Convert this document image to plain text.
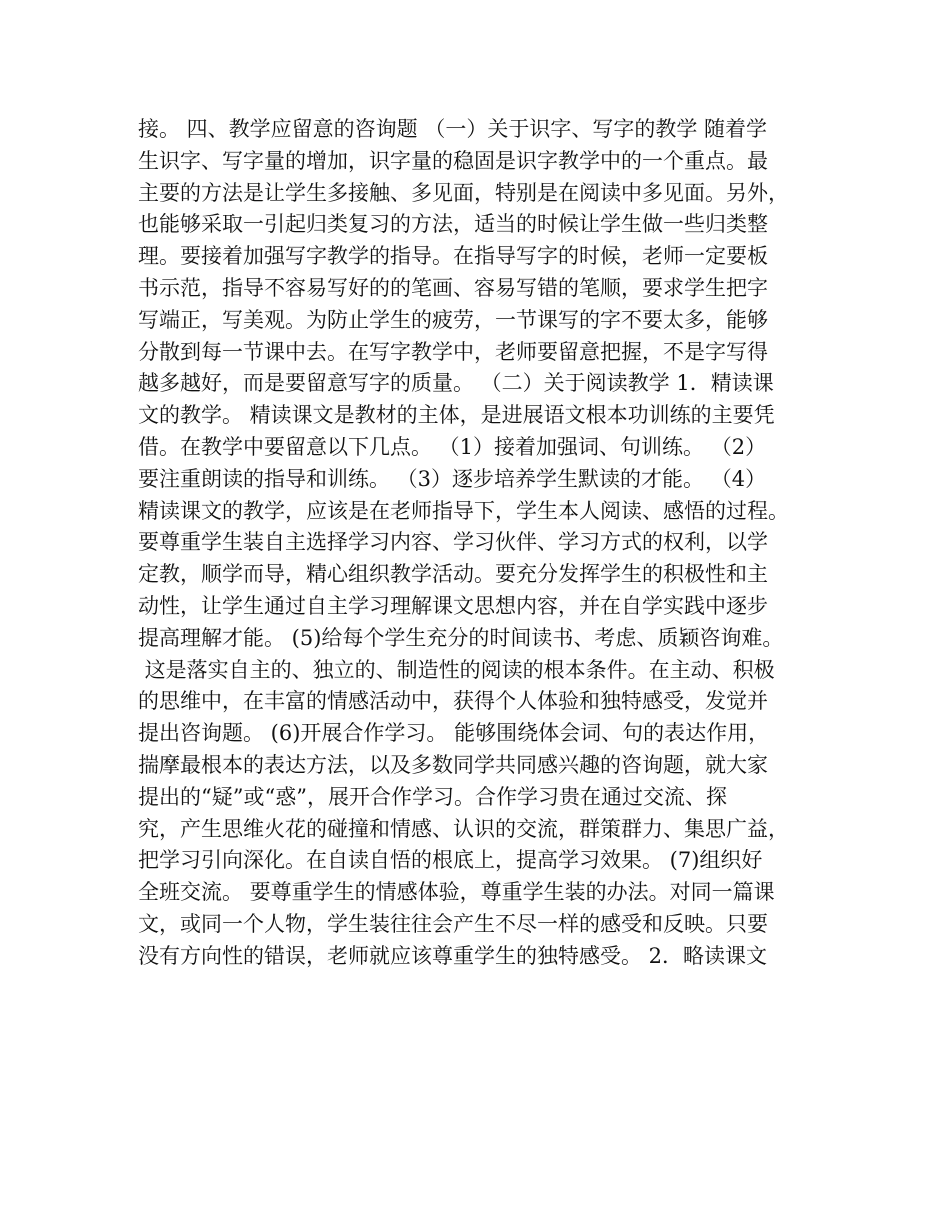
接。 四、教学应留意的咨询题 （一）关于识字、写字的教学 随着学
生识字、写字量的增加，识字量的稳固是识字教学中的一个重点。最
主要的方法是让学生多接触、多见面，特别是在阅读中多见面。另外，
也能够采取一引起归类复习的方法，适当的时候让学生做一些归类整
理。要接着加强写字教学的指导。在指导写字的时候，老师一定要板
书示范，指导不容易写好的的笔画、容易写错的笔顺，要求学生把字
写端正，写美观。为防止学生的疲劳，一节课写的字不要太多，能够
分散到每一节课中去。在写字教学中，老师要留意把握，不是字写得
越多越好，而是要留意写字的质量。 （二）关于阅读教学 1．精读课
文的教学。 精读课文是教材的主体，是进展语文根本功训练的主要凭
借。在教学中要留意以下几点。 （1）接着加强词、句训练。 （2）
要注重朗读的指导和训练。 （3）逐步培养学生默读的才能。 （4）
精读课文的教学，应该是在老师指导下，学生本人阅读、感悟的过程。
要尊重学生装自主选择学习内容、学习伙伴、学习方式的权利，以学
定教，顺学而导，精心组织教学活动。要充分发挥学生的积极性和主
动性，让学生通过自主学习理解课文思想内容，并在自学实践中逐步
提高理解才能。 (5)给每个学生充分的时间读书、考虑、质颖咨询难。
这是落实自主的、独立的、制造性的阅读的根本条件。在主动、积极
的思维中，在丰富的情感活动中，获得个人体验和独特感受，发觉并
提出咨询题。 (6)开展合作学习。 能够围绕体会词、句的表达作用，
揣摩最根本的表达方法，以及多数同学共同感兴趣的咨询题，就大家
提出的“疑”或“惑”，展开合作学习。合作学习贵在通过交流、探
究，产生思维火花的碰撞和情感、认识的交流，群策群力、集思广益，
把学习引向深化。在自读自悟的根底上，提高学习效果。 (7)组织好
全班交流。 要尊重学生的情感体验，尊重学生装的办法。对同一篇课
文，或同一个人物，学生装往往会产生不尽一样的感受和反映。只要
没有方向性的错误，老师就应该尊重学生的独特感受。 2．略读课文
